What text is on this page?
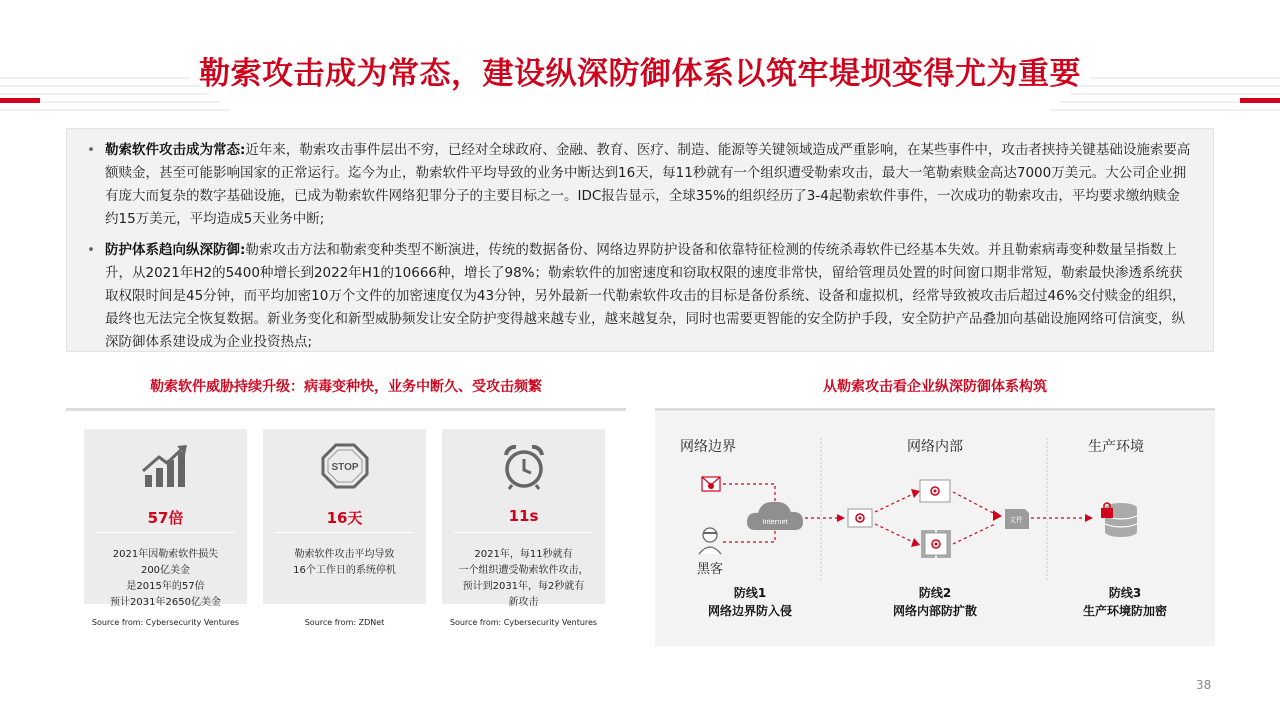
勒索攻击成为常态，建设纵深防御体系以筑牢堤坝变得尤为重要
• 勒索软件攻击成为常态:近年来，勒索攻击事件层出不穷，已经对全球政府、金融、教育、医疗、制造、能源等关键领域造成严重影响，在某些事件中，攻击者挟持关键基础设施索要高额赎金，甚至可能影响国家的正常运行。迄今为止，勒索软件平均导致的业务中断达到16天，每11秒就有一个组织遭受勒索攻击，最大一笔勒索赎金高达7000万美元。大公司企业拥有庞大而复杂的数字基础设施，已成为勒索软件网络犯罪分子的主要目标之一。IDC报告显示，全球35%的组织经历了3-4起勒索软件事件，一次成功的勒索攻击，平均要求缴纳赎金约15万美元，平均造成5天业务中断;
• 防护体系趋向纵深防御:勒索攻击方法和勒索变种类型不断演进，传统的数据备份、网络边界防护设备和依靠特征检测的传统杀毒软件已经基本失效。并且勒索病毒变种数量呈指数上升，从2021年H2的5400种增长到2022年H1的10666种，增长了98%；勒索软件的加密速度和窃取权限的速度非常快，留给管理员处置的时间窗口期非常短，勒索最快渗透系统获取权限时间是45分钟，而平均加密10万个文件的加密速度仅为43分钟，另外最新一代勒索软件攻击的目标是备份系统、设备和虚拟机，经常导致被攻击后超过46%交付赎金的组织，最终也无法完全恢复数据。新业务变化和新型威胁频发让安全防护变得越来越专业，越来越复杂，同时也需要更智能的安全防护手段，安全防护产品叠加向基础设施网络可信演变，纵深防御体系建设成为企业投资热点;
勒索软件威胁持续升级：病毒变种快，业务中断久、受攻击频繁	从勒索攻击看企业纵深防御体系构筑
57倍
2021年因勒索软件损失
200亿美金
是2015年的57倍
预计2031年2650亿美金
Source from: Cybersecurity Ventures
STOP
16天
勒索软件攻击平均导致
16个工作日的系统停机
Source from: ZDNet
11s
2021年，每11秒就有
一个组织遭受勒索软件攻击，
预计到2031年，每2秒就有
新攻击
Source from: Cybersecurity Ventures
Internet	文件
网络边界	网络内部	生产环境
黑客
防线1
网络边界防入侵
防线2
网络内部防扩散
防线3
生产环境防加密
38
